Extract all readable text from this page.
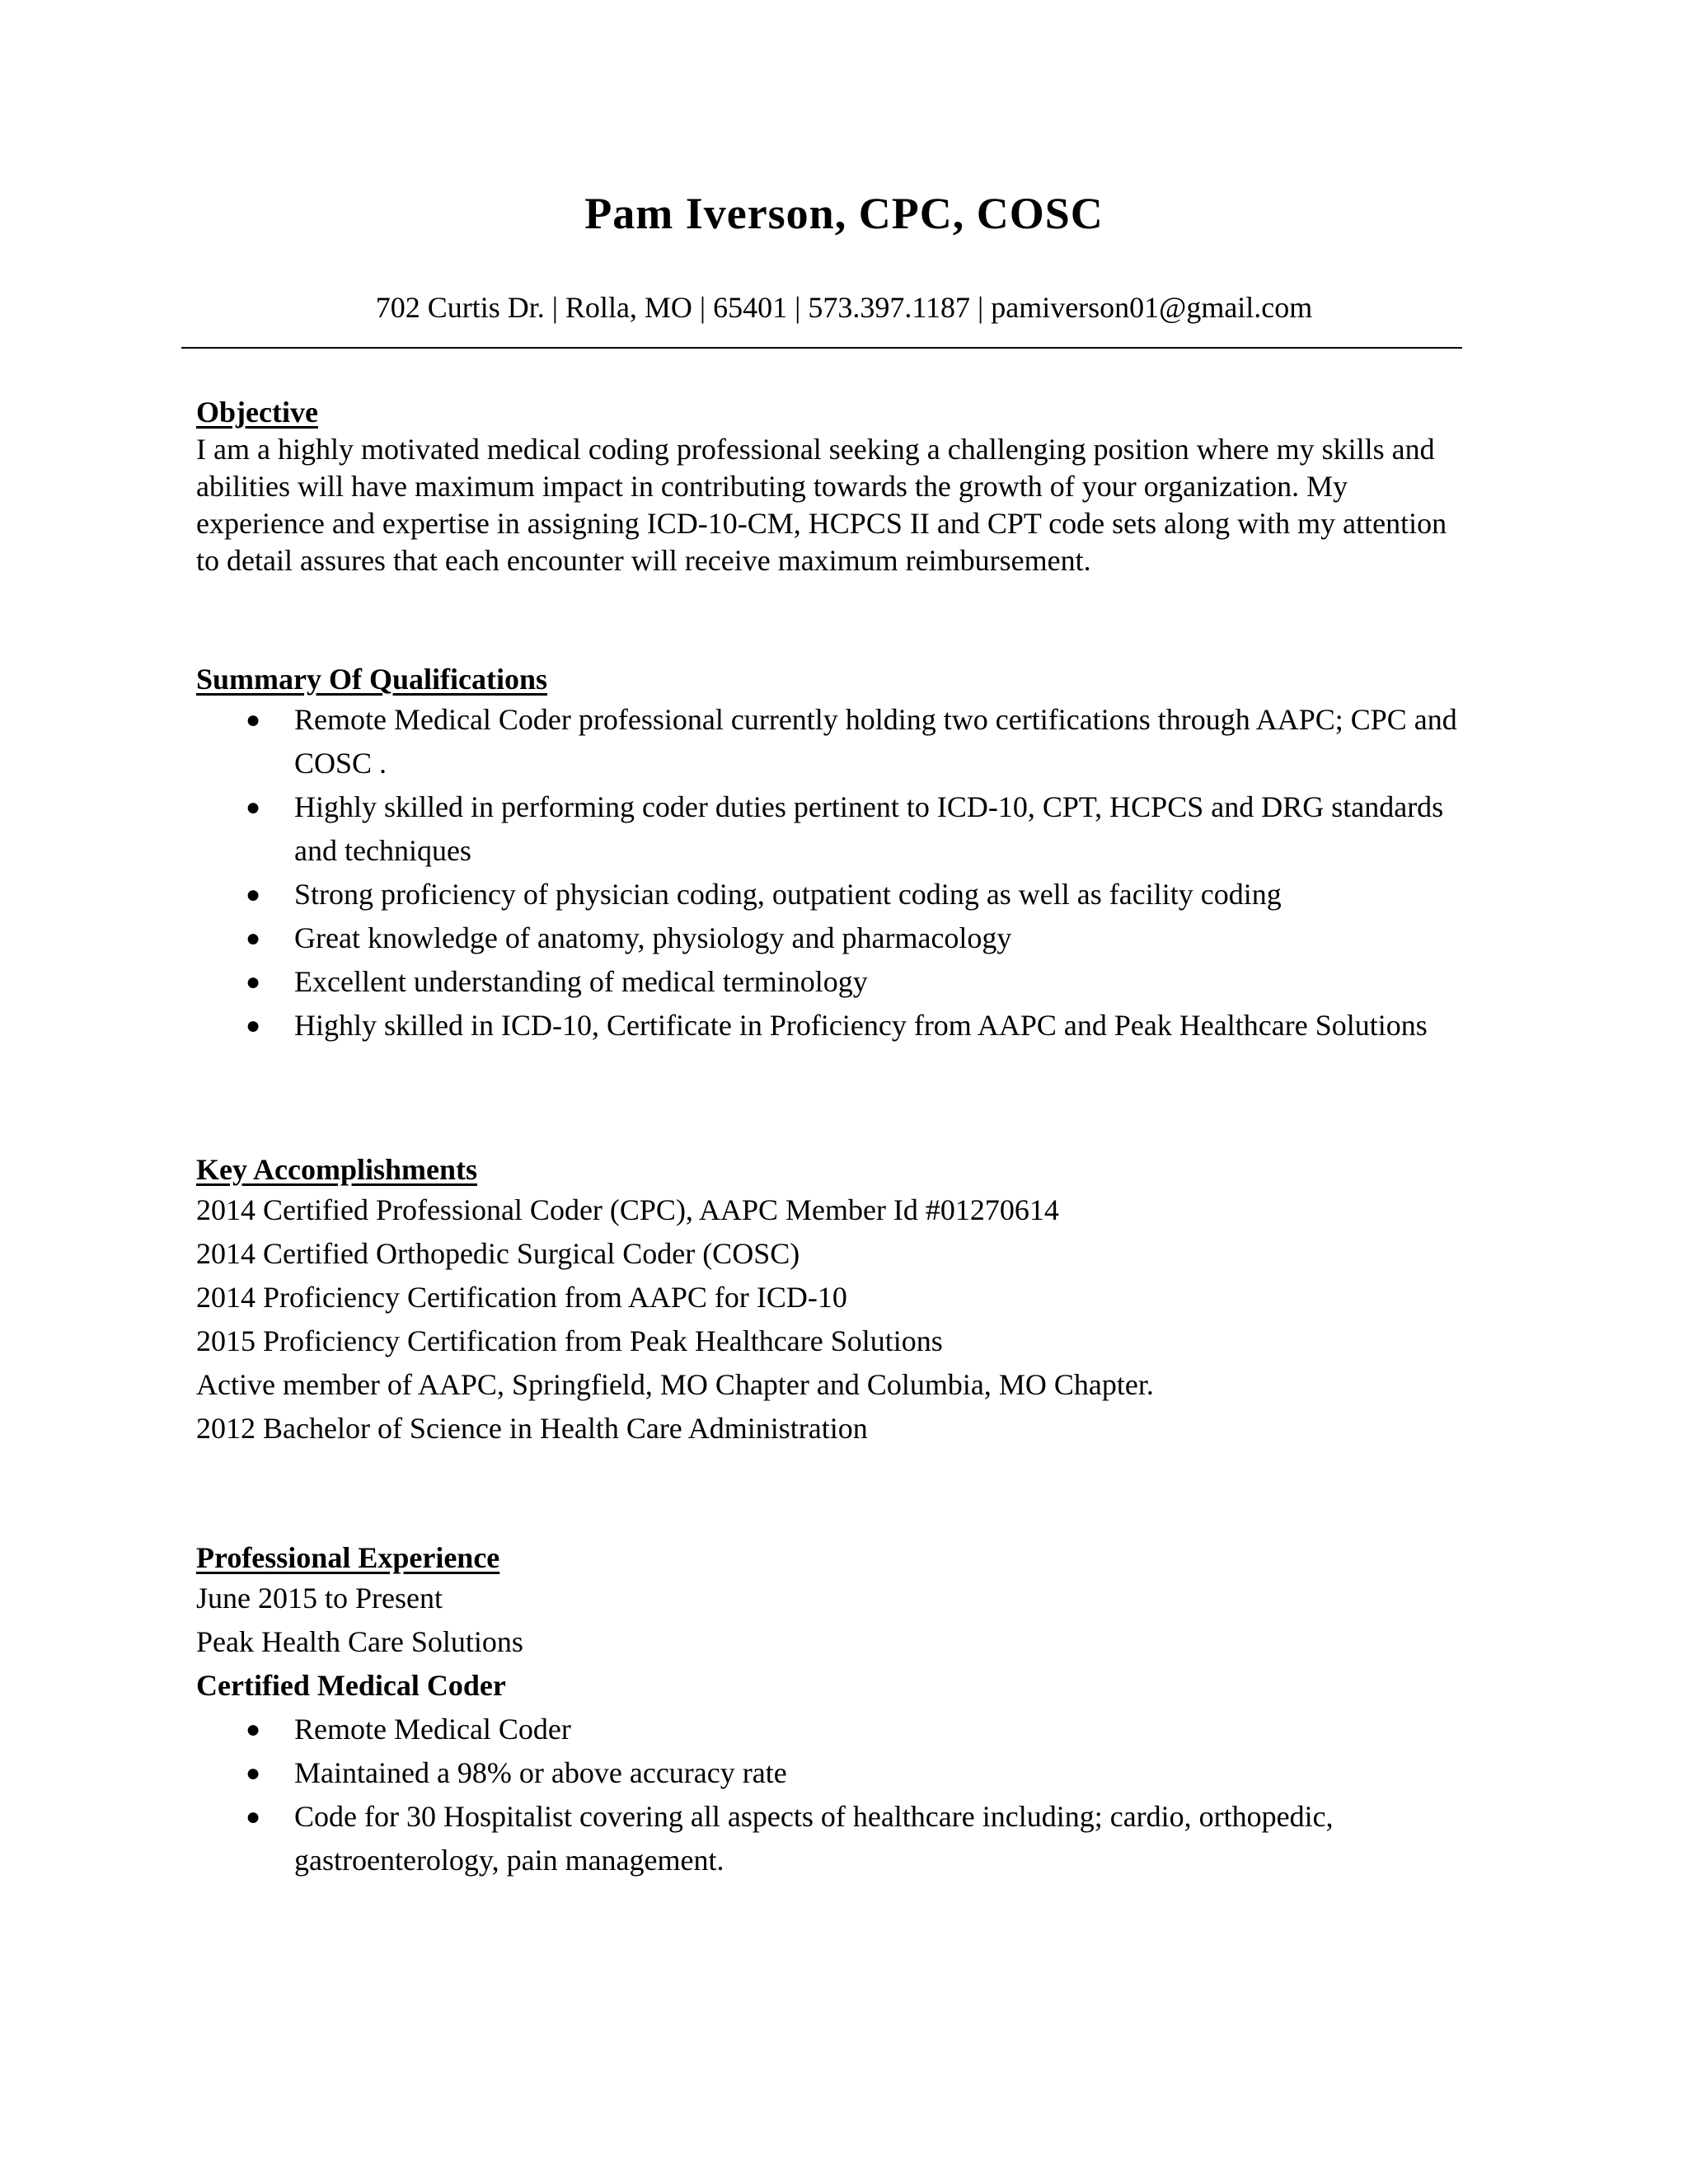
Pam Iverson, CPC, COSC
702 Curtis Dr. | Rolla, MO | 65401 | 573.397.1187 | pamiverson01@gmail.com
Objective

I am a highly motivated medical coding professional seeking a challenging position where my skills and abilities will have maximum impact in contributing towards the growth of your organization. My experience and expertise in assigning ICD-10-CM, HCPCS II and CPT code sets along with my attention to detail assures that each encounter will receive maximum reimbursement.

Summary Of Qualifications
● Remote Medical Coder professional currently holding two certifications through AAPC; CPC and COSC .
● Highly skilled in performing coder duties pertinent to ICD-10, CPT, HCPCS and DRG standards and techniques
● Strong proficiency of physician coding, outpatient coding as well as facility coding
● Great knowledge of anatomy, physiology and pharmacology
● Excellent understanding of medical terminology
● Highly skilled in ICD-10, Certificate in Proficiency from AAPC and Peak Healthcare Solutions
Key Accomplishments
2014 Certified Professional Coder (CPC), AAPC Member Id #01270614
2014 Certified Orthopedic Surgical Coder (COSC)
2014 Proficiency Certification from AAPC for ICD-10
2015 Proficiency Certification from Peak Healthcare Solutions
Active member of AAPC, Springfield, MO Chapter and Columbia, MO Chapter.
2012 Bachelor of Science in Health Care Administration
Professional Experience
June 2015 to Present
Peak Health Care Solutions
Certified Medical Coder
● Remote Medical Coder
● Maintained a 98% or above accuracy rate
● Code for 30 Hospitalist covering all aspects of healthcare including; cardio, orthopedic, gastroenterology, pain management.
